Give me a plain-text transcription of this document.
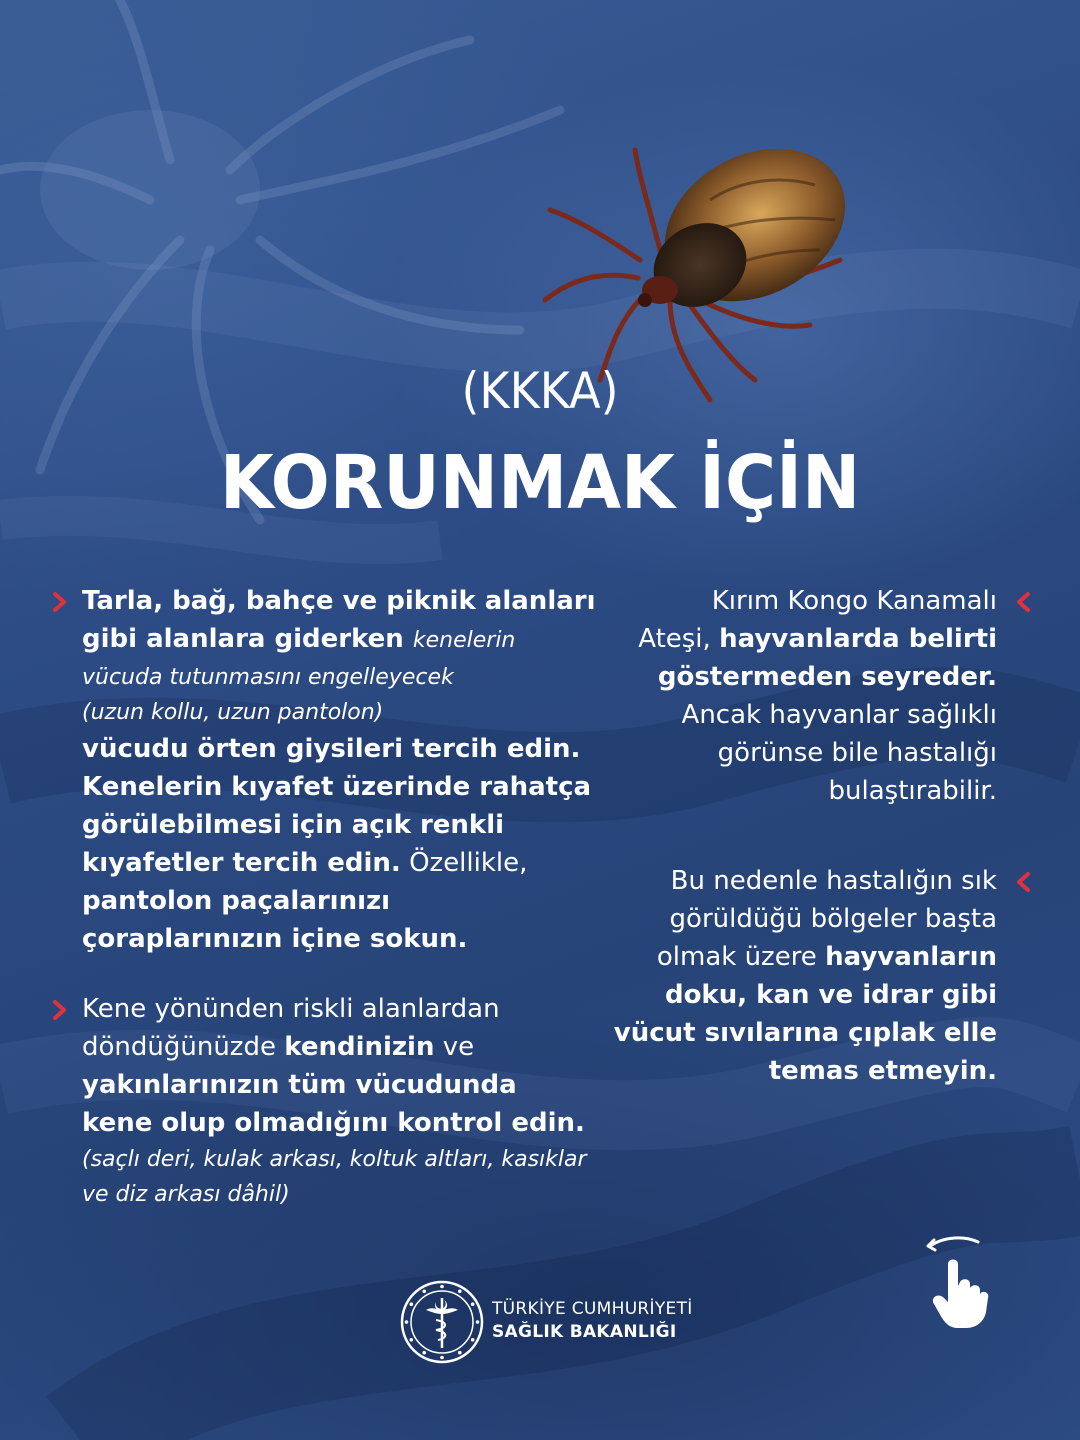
(KKKA)
KORUNMAK İÇİN

Tarla, bağ, bahçe ve piknik alanları

gibi alanlara giderken kenelerin

vücuda tutunmasını engelleyecek

(uzun kollu, uzun pantolon)

vücudu örten giysileri tercih edin.

Kenelerin kıyafet üzerinde rahatça

görülebilmesi için açık renkli

kıyafetler tercih edin. Özellikle,

pantolon paçalarınızı

çoraplarınızın içine sokun.

Kene yönünden riskli alanlardan

döndüğünüzde kendinizin ve

yakınlarınızın tüm vücudunda

kene olup olmadığını kontrol edin.

(saçlı deri, kulak arkası, koltuk altları, kasıklar

ve diz arkası dâhil)

Kırım Kongo Kanamalı

Ateşi, hayvanlarda belirti

göstermeden seyreder.

Ancak hayvanlar sağlıklı

görünse bile hastalığı

bulaştırabilir.

Bu nedenle hastalığın sık

görüldüğü bölgeler başta

olmak üzere hayvanların

doku, kan ve idrar gibi

vücut sıvılarına çıplak elle

temas etmeyin.

TÜRKİYE CUMHURİYETİ
SAĞLIK BAKANLIĞI
